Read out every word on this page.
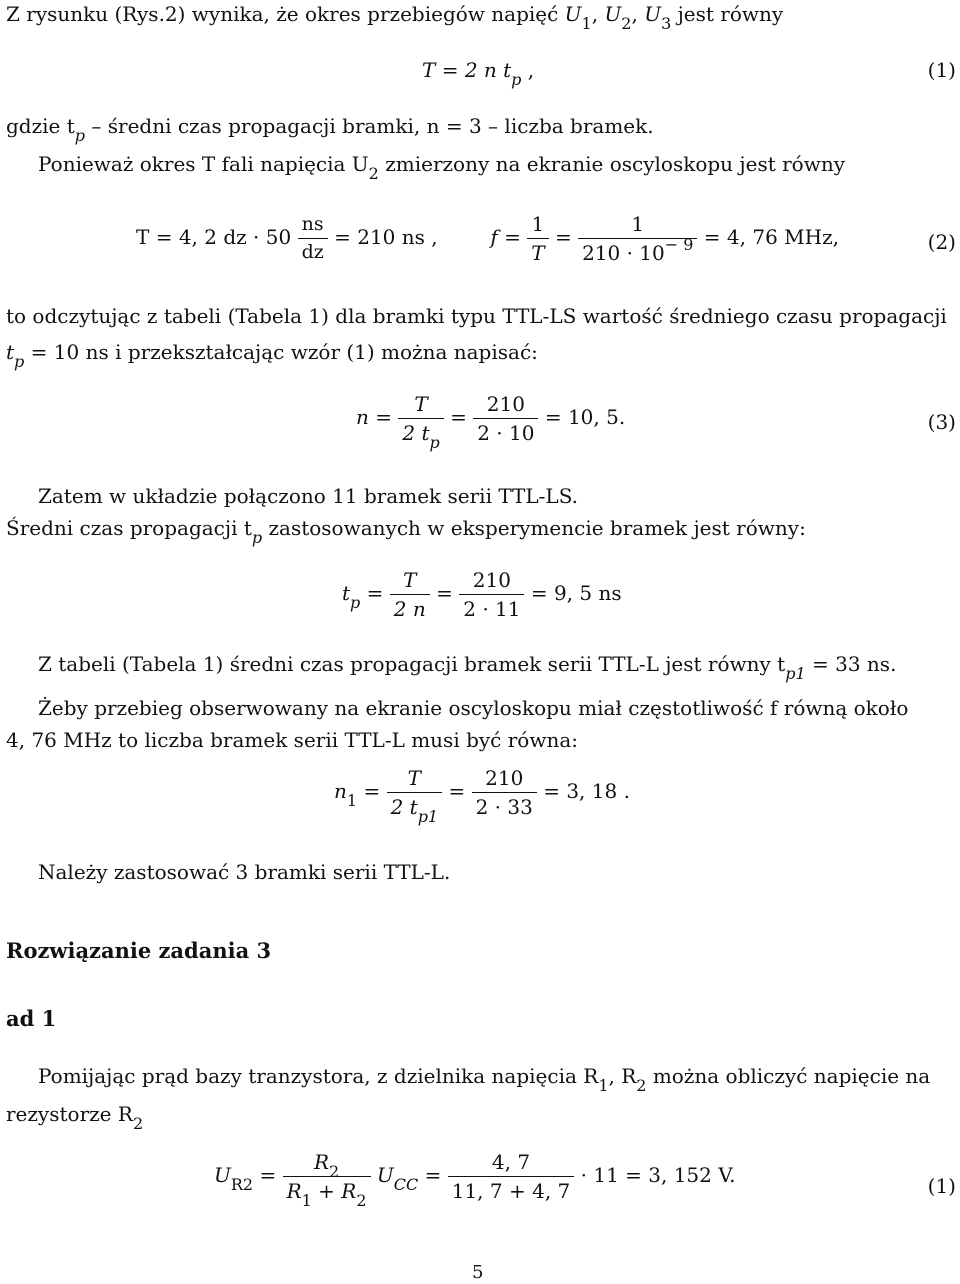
Z rysunku (Rys.2) wynika, że okres przebiegów napięć $U_1$, $U_2$, $U_3$ jest równy
T = 2 n $t_p$ ,	(1)
gdzie $t_p$ – średni czas propagacji bramki, n = 3 – liczba bramek.
Ponieważ okres T fali napięcia $U_2$ zmierzony na ekranie oscyloskopu jest równy
T = 4, 2 dz · $50 \frac{ns}{dz} = 210$ ns ,	$f = \frac{1}{T} = \frac{1}{210 \cdot 10^{- 9}} = 4$, 76 MHz,	(2)
to odczytując z tabeli (Tabela 1) dla bramki typu TTL-LS wartość średniego czasu propagacji
$t_p = 10$ ns i przekształcając wzór (1) można napisać:
$n = \frac{T}{2 t_p} = \frac{210}{2 \cdot 10} = 10$, 5.	(3)
Zatem w układzie połączono 11 bramek serii TTL-LS.
Średni czas propagacji $t_p$ zastosowanych w eksperymencie bramek jest równy:
$t_p = \frac{T}{2 n} = \frac{210}{2 \cdot 11} = 9$, 5 ns
Z tabeli (Tabela 1) średni czas propagacji bramek serii TTL-L jest równy $t_{p1} = 33$ ns.
Żeby przebieg obserwowany na ekranie oscyloskopu miał częstotliwość f równą około
4, 76 MHz to liczba bramek serii TTL-L musi być równa:
$n_1 = \frac{T}{2 t_{p1}} = \frac{210}{2 \cdot 33} = 3$, 18 .
Należy zastosować 3 bramki serii TTL-L.
Rozwiązanie zadania 3
ad 1
Pomijając prąd bazy tranzystora, z dzielnika napięcia $R_1$, $R_2$ można obliczyć napięcie na
rezystorze $R_2$
$U_{R2} = \frac{R_2}{R_1 + R_2} U_{CC} = \frac{4, 7}{11, 7 + 4, 7} \cdot 11 = 3$, 152 V.	(1)
5
